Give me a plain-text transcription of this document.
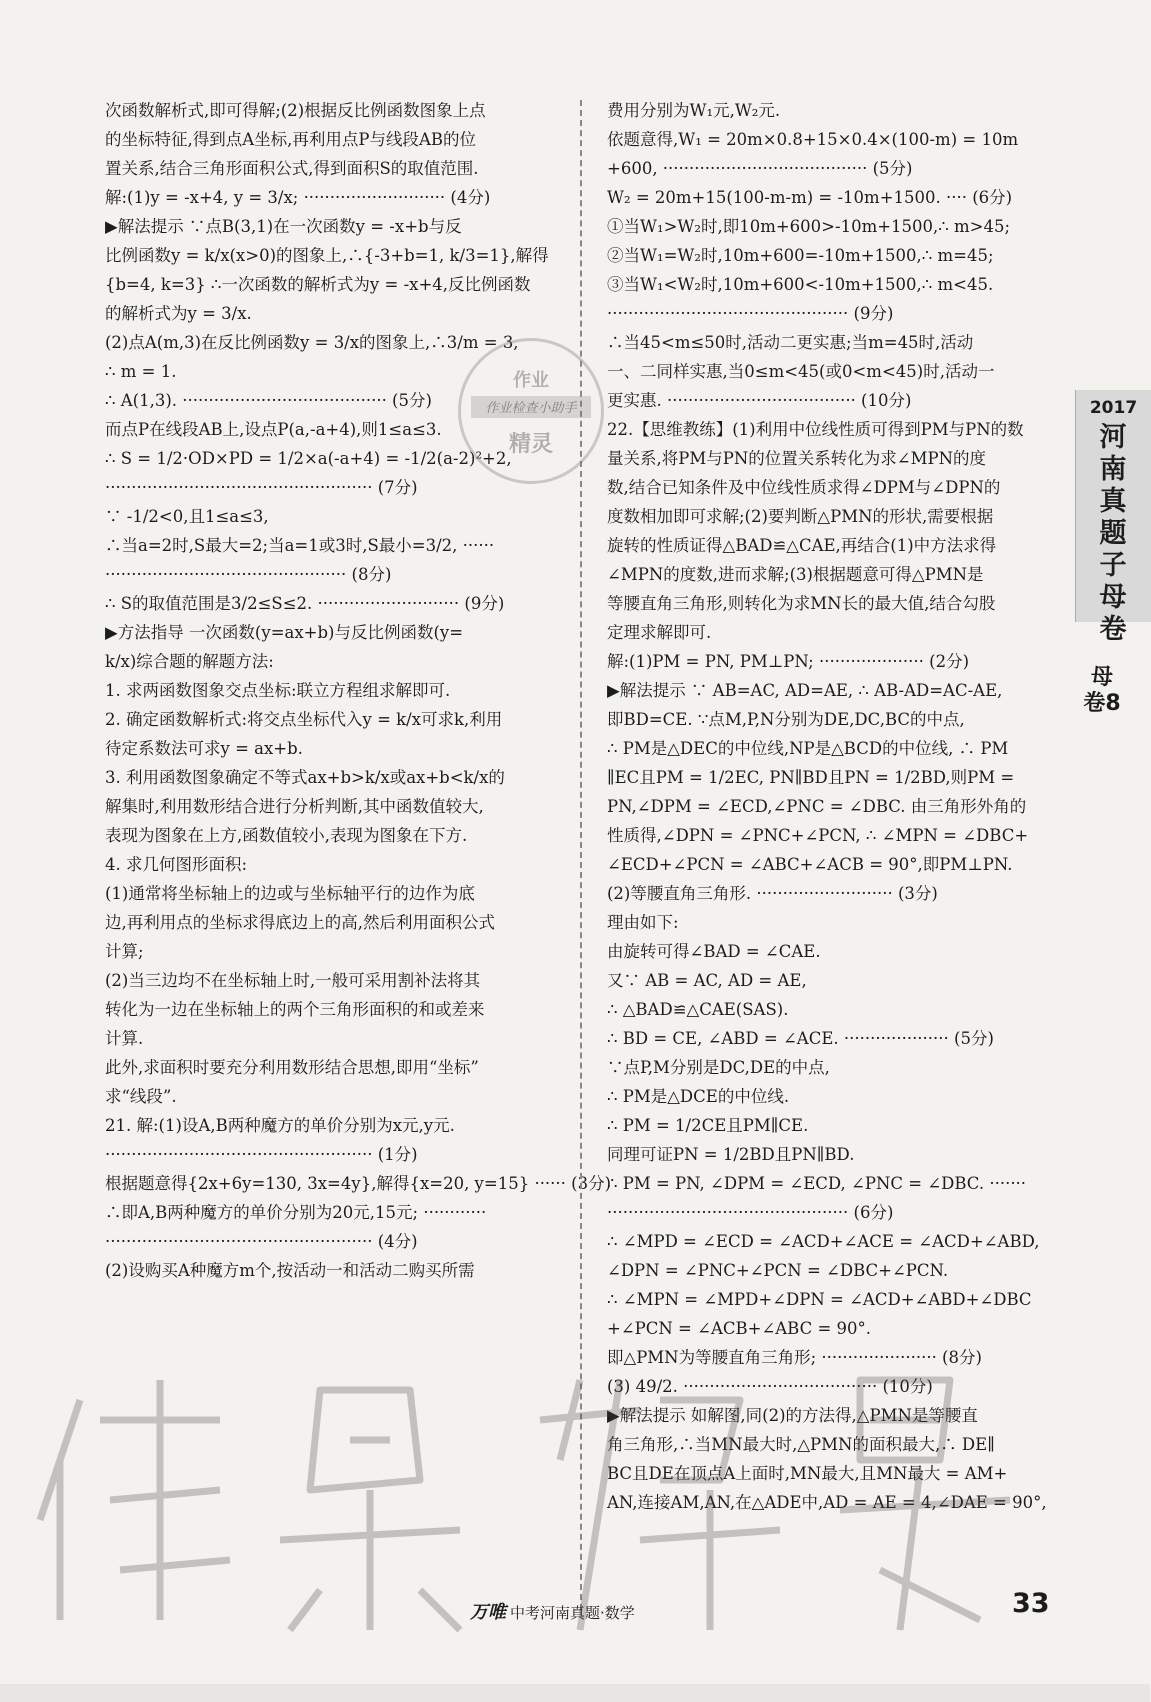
次函数解析式,即可得解;(2)根据反比例函数图象上点
的坐标特征,得到点A坐标,再利用点P与线段AB的位
置关系,结合三角形面积公式,得到面积S的取值范围.
解:(1)y = -x+4, y = 3/x; ··························· (4分)
▶解法提示 ∵点B(3,1)在一次函数y = -x+b与反
比例函数y = k/x(x>0)的图象上,∴{-3+b=1, k/3=1},解得
{b=4, k=3} ∴一次函数的解析式为y = -x+4,反比例函数
的解析式为y = 3/x.
(2)点A(m,3)在反比例函数y = 3/x的图象上,∴3/m = 3,
∴ m = 1.
∴ A(1,3). ······································· (5分)
而点P在线段AB上,设点P(a,-a+4),则1≤a≤3.
∴ S = 1/2·OD×PD = 1/2×a(-a+4) = -1/2(a-2)²+2,
··················································· (7分)
∵ -1/2<0,且1≤a≤3,
∴当a=2时,S最大=2;当a=1或3时,S最小=3/2, ······
·············································· (8分)
∴ S的取值范围是3/2≤S≤2. ··························· (9分)
▶方法指导 一次函数(y=ax+b)与反比例函数(y=
k/x)综合题的解题方法:
1. 求两函数图象交点坐标:联立方程组求解即可.
2. 确定函数解析式:将交点坐标代入y = k/x可求k,利用
待定系数法可求y = ax+b.
3. 利用函数图象确定不等式ax+b>k/x或ax+b<k/x的
解集时,利用数形结合进行分析判断,其中函数值较大,
表现为图象在上方,函数值较小,表现为图象在下方.
4. 求几何图形面积:
(1)通常将坐标轴上的边或与坐标轴平行的边作为底
边,再利用点的坐标求得底边上的高,然后利用面积公式
计算;
(2)当三边均不在坐标轴上时,一般可采用割补法将其
转化为一边在坐标轴上的两个三角形面积的和或差来
计算.
此外,求面积时要充分利用数形结合思想,即用“坐标”
求“线段”.
21. 解:(1)设A,B两种魔方的单价分别为x元,y元.
··················································· (1分)
根据题意得{2x+6y=130, 3x=4y},解得{x=20, y=15} ······ (3分)
∴即A,B两种魔方的单价分别为20元,15元; ············
··················································· (4分)
(2)设购买A种魔方m个,按活动一和活动二购买所需
费用分别为W₁元,W₂元.
依题意得,W₁ = 20m×0.8+15×0.4×(100-m) = 10m
+600, ······································· (5分)
W₂ = 20m+15(100-m-m) = -10m+1500. ···· (6分)
①当W₁>W₂时,即10m+600>-10m+1500,∴ m>45;
②当W₁=W₂时,10m+600=-10m+1500,∴ m=45;
③当W₁<W₂时,10m+600<-10m+1500,∴ m<45.
·············································· (9分)
∴当45<m≤50时,活动二更实惠;当m=45时,活动
一、二同样实惠,当0≤m<45(或0<m<45)时,活动一
更实惠. ···································· (10分)
22.【思维教练】(1)利用中位线性质可得到PM与PN的数
量关系,将PM与PN的位置关系转化为求∠MPN的度
数,结合已知条件及中位线性质求得∠DPM与∠DPN的
度数相加即可求解;(2)要判断△PMN的形状,需要根据
旋转的性质证得△BAD≌△CAE,再结合(1)中方法求得
∠MPN的度数,进而求解;(3)根据题意可得△PMN是
等腰直角三角形,则转化为求MN长的最大值,结合勾股
定理求解即可.
解:(1)PM = PN, PM⊥PN; ···················· (2分)
▶解法提示 ∵ AB=AC, AD=AE, ∴ AB-AD=AC-AE,
即BD=CE. ∵点M,P,N分别为DE,DC,BC的中点,
∴ PM是△DEC的中位线,NP是△BCD的中位线, ∴ PM
∥EC且PM = 1/2EC, PN∥BD且PN = 1/2BD,则PM =
PN,∠DPM = ∠ECD,∠PNC = ∠DBC. 由三角形外角的
性质得,∠DPN = ∠PNC+∠PCN, ∴ ∠MPN = ∠DBC+
∠ECD+∠PCN = ∠ABC+∠ACB = 90°,即PM⊥PN.
(2)等腰直角三角形. ·························· (3分)
理由如下:
由旋转可得∠BAD = ∠CAE.
又∵ AB = AC, AD = AE,
∴ △BAD≌△CAE(SAS).
∴ BD = CE, ∠ABD = ∠ACE. ···················· (5分)
∵点P,M分别是DC,DE的中点,
∴ PM是△DCE的中位线.
∴ PM = 1/2CE且PM∥CE.
同理可证PN = 1/2BD且PN∥BD.
∴ PM = PN, ∠DPM = ∠ECD, ∠PNC = ∠DBC. ·······
·············································· (6分)
∴ ∠MPD = ∠ECD = ∠ACD+∠ACE = ∠ACD+∠ABD,
∠DPN = ∠PNC+∠PCN = ∠DBC+∠PCN.
∴ ∠MPN = ∠MPD+∠DPN = ∠ACD+∠ABD+∠DBC
+∠PCN = ∠ACB+∠ABC = 90°.
即△PMN为等腰直角三角形; ······················ (8分)
(3) 49/2. ····································· (10分)
▶解法提示 如解图,同(2)的方法得,△PMN是等腰直
角三角形,∴当MN最大时,△PMN的面积最大,∴ DE∥
BC且DE在顶点A上面时,MN最大,且MN最大 = AM+
AN,连接AM,AN,在△ADE中,AD = AE = 4,∠DAE = 90°,
作业
作业检查小助手
精灵
2017
河南真题子母卷
母卷8
万唯 中考河南真题·数学	33
